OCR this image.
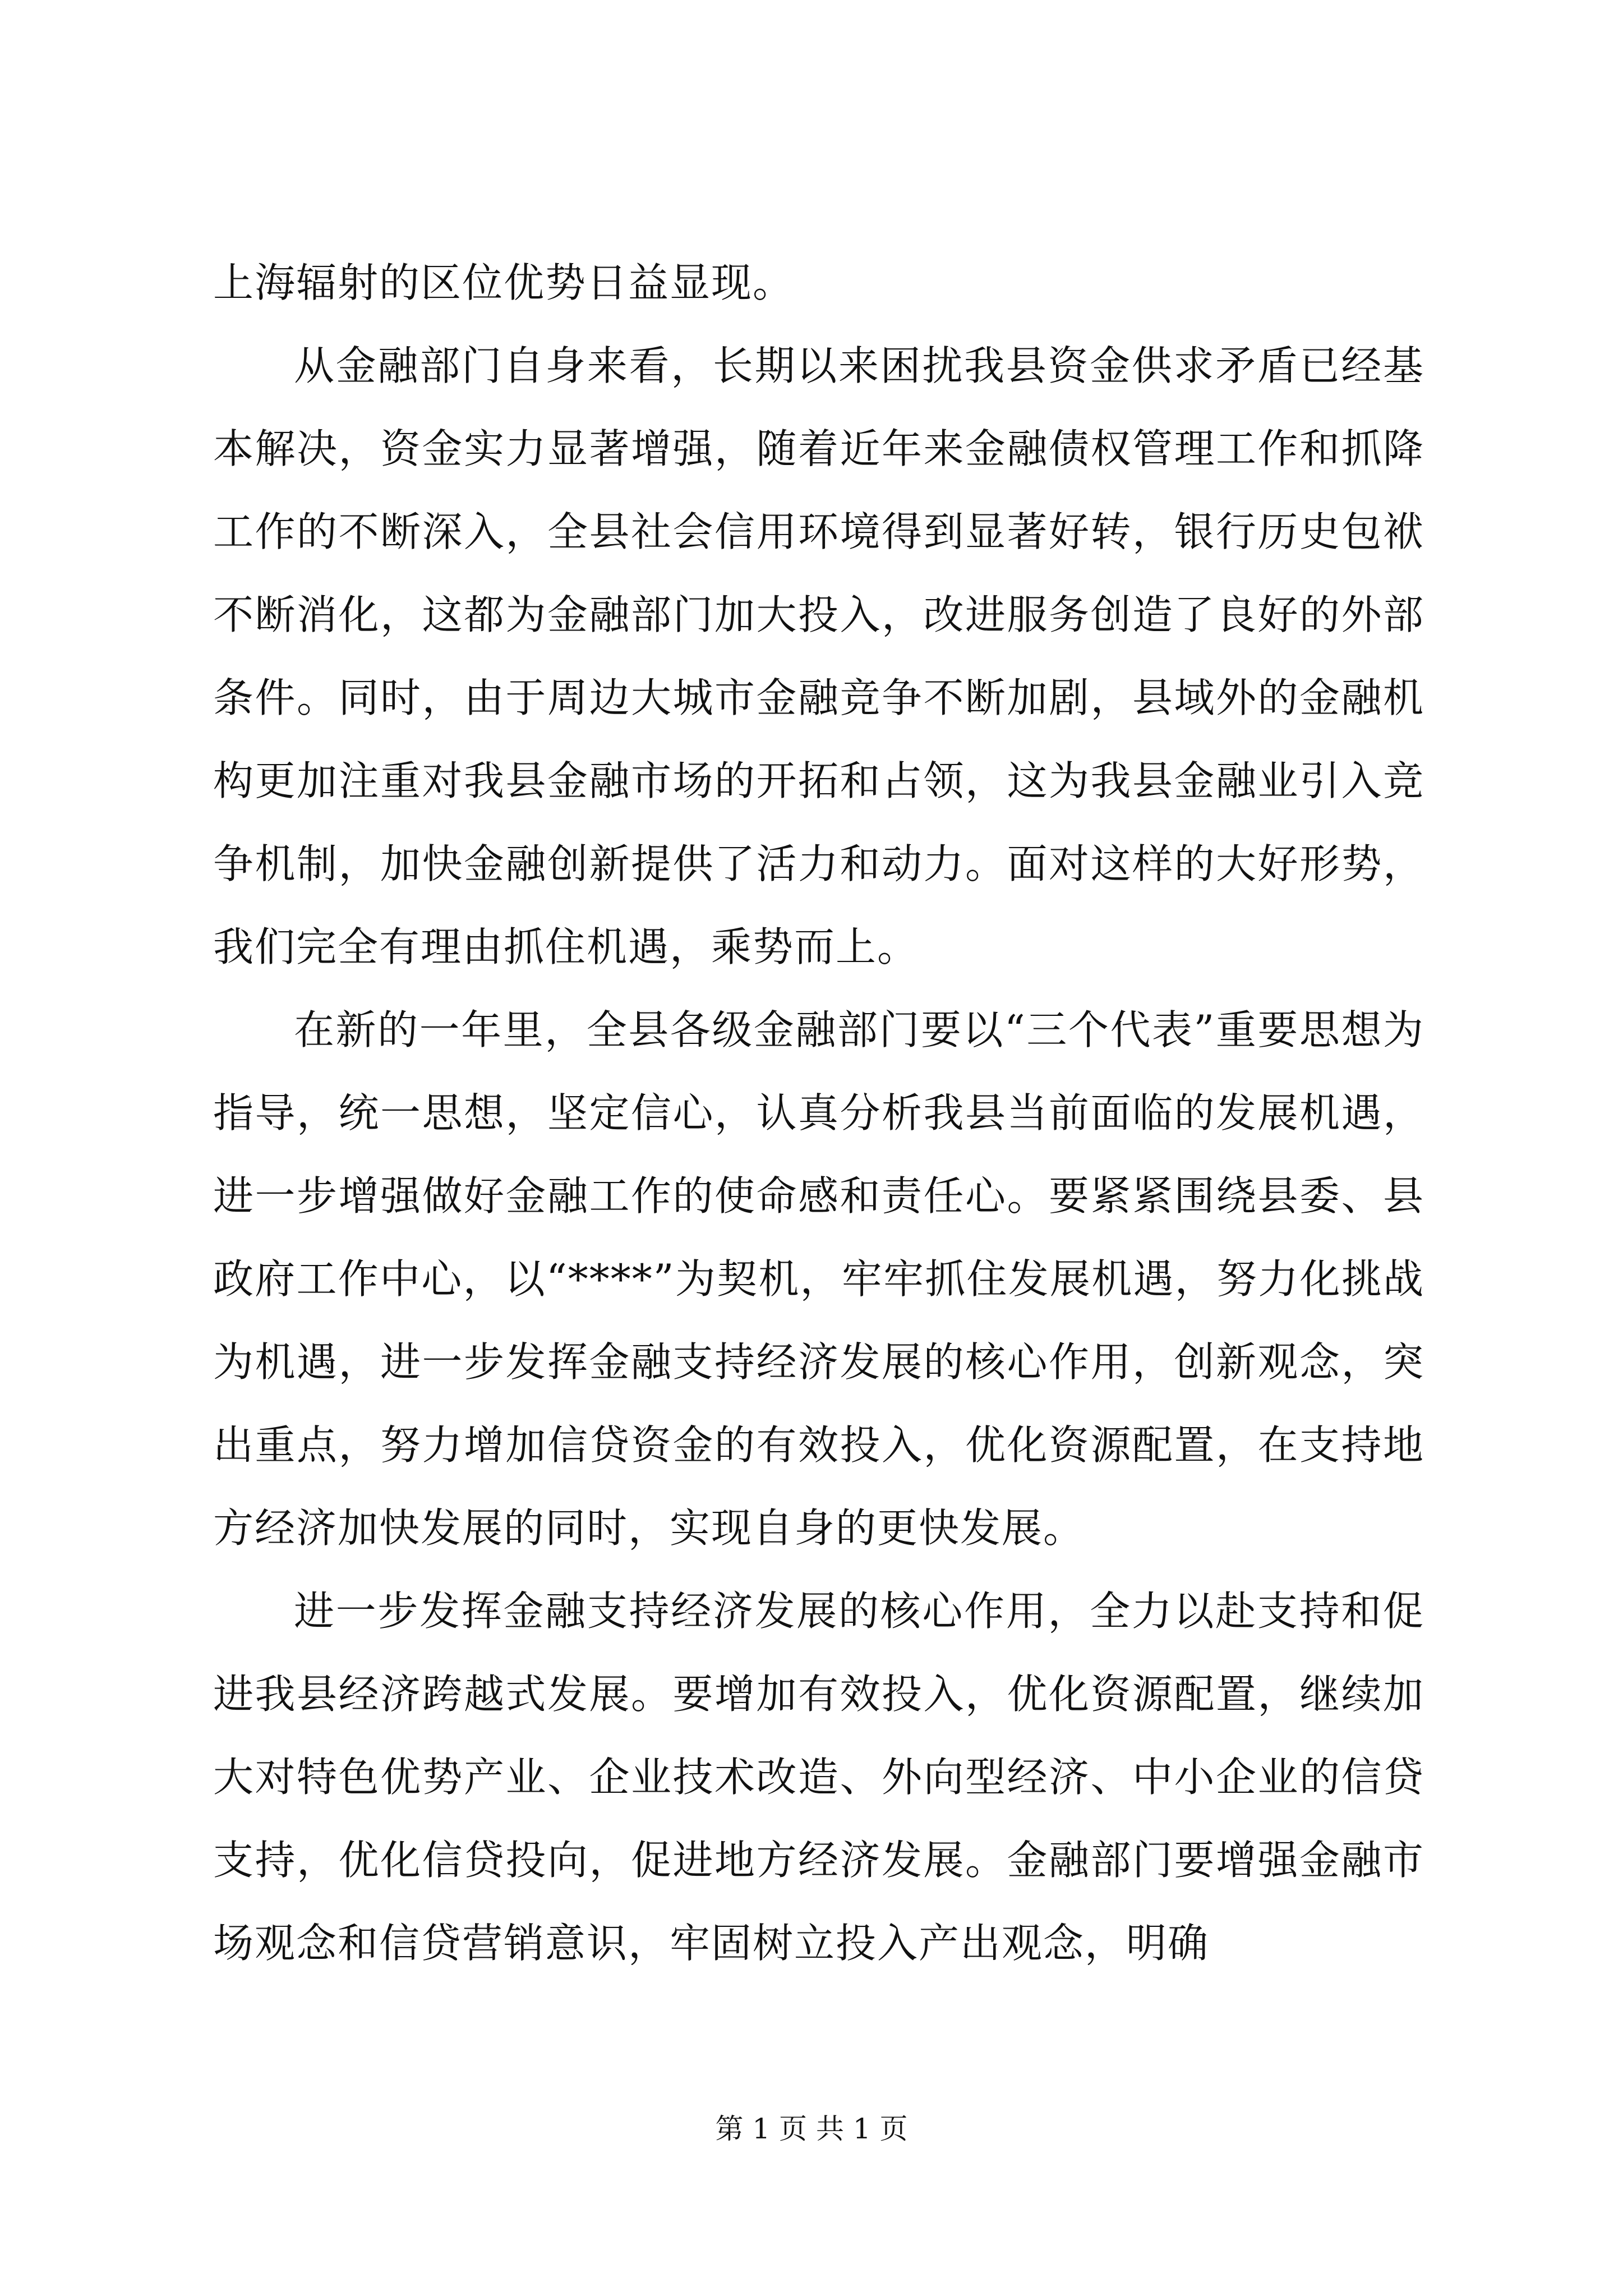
上海辐射的区位优势日益显现。

从金融部门自身来看，长期以来困扰我县资金供求矛盾已经基本解决，资金实力显著增强，随着近年来金融债权管理工作和抓降工作的不断深入，全县社会信用环境得到显著好转，银行历史包袱不断消化，这都为金融部门加大投入，改进服务创造了良好的外部条件。同时，由于周边大城市金融竞争不断加剧，县域外的金融机构更加注重对我县金融市场的开拓和占领，这为我县金融业引入竞争机制，加快金融创新提供了活力和动力。面对这样的大好形势，我们完全有理由抓住机遇，乘势而上。

在新的一年里，全县各级金融部门要以“三个代表”重要思想为指导，统一思想，坚定信心，认真分析我县当前面临的发展机遇，进一步增强做好金融工作的使命感和责任心。要紧紧围绕县委、县政府工作中心，以“****”为契机，牢牢抓住发展机遇，努力化挑战为机遇，进一步发挥金融支持经济发展的核心作用，创新观念，突出重点，努力增加信贷资金的有效投入，优化资源配置，在支持地方经济加快发展的同时，实现自身的更快发展。

进一步发挥金融支持经济发展的核心作用，全力以赴支持和促进我县经济跨越式发展。要增加有效投入，优化资源配置，继续加大对特色优势产业、企业技术改造、外向型经济、中小企业的信贷支持，优化信贷投向，促进地方经济发展。金融部门要增强金融市场观念和信贷营销意识，牢固树立投入产出观念，明确

第 1 页 共 1 页
